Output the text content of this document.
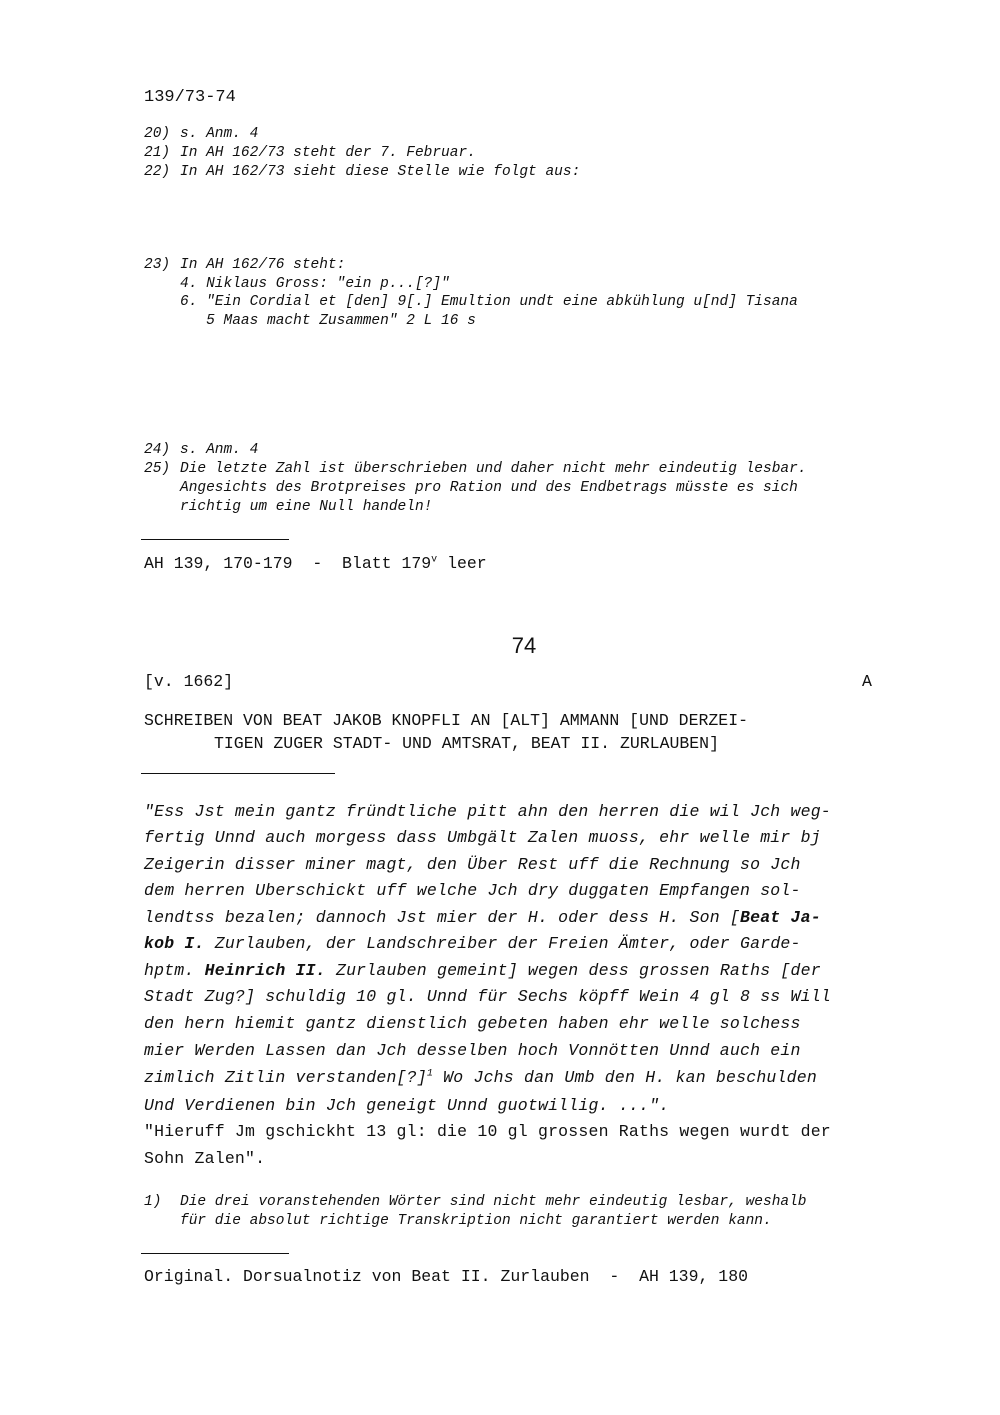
139/73-74
20) s. Anm. 4
21) In AH 162/73 steht der 7. Februar.
22) In AH 162/73 sieht diese Stelle wie folgt aus:
23) In AH 162/76 steht:
4. Niklaus Gross: "ein p...[?]"
6. "Ein Cordial et [den] 9[.] Emultion undt eine abkühlung u[nd] Tisana
5 Maas macht Zusammen" 2 L 16 s
24) s. Anm. 4
25) Die letzte Zahl ist überschrieben und daher nicht mehr eindeutig lesbar.
Angesichts des Brotpreises pro Ration und des Endbetrags müsste es sich
richtig um eine Null handeln!
AH 139, 170-179  -  Blatt 179$^v$ leer
74
[v. 1662]	A
SCHREIBEN VON BEAT JAKOB KNOPFLI AN [ALT] AMMANN [UND DERZEI-
TIGEN ZUGER STADT- UND AMTSRAT, BEAT II. ZURLAUBEN]
"Ess Jst mein gantz fründtliche pitt ahn den herren die wil Jch weg-
fertig Unnd auch morgess dass Umbgält Zalen muoss, ehr welle mir bj
Zeigerin disser miner magt, den Über Rest uff die Rechnung so Jch
dem herren Uberschickt uff welche Jch dry duggaten Empfangen sol-
lendtss bezalen; dannoch Jst mier der H. oder dess H. Son [Beat Ja-
kob I. Zurlauben, der Landschreiber der Freien Ämter, oder Garde-
hptm. Heinrich II. Zurlauben gemeint] wegen dess grossen Raths [der
Stadt Zug?] schuldig 10 gl. Unnd für Sechs köpff Wein 4 gl 8 ss Will
den hern hiemit gantz dienstlich gebeten haben ehr welle solchess
mier Werden Lassen dan Jch desselben hoch Vonnötten Unnd auch ein
zimlich Zitlin verstanden[?]$^1$ Wo Jchs dan Umb den H. kan beschulden
Und Verdienen bin Jch geneigt Unnd guotwillig. ...".
"Hieruff Jm gschickht 13 gl: die 10 gl grossen Raths wegen wurdt der
Sohn Zalen".
1) Die drei voranstehenden Wörter sind nicht mehr eindeutig lesbar, weshalb
für die absolut richtige Transkription nicht garantiert werden kann.
Original. Dorsualnotiz von Beat II. Zurlauben  -  AH 139, 180
